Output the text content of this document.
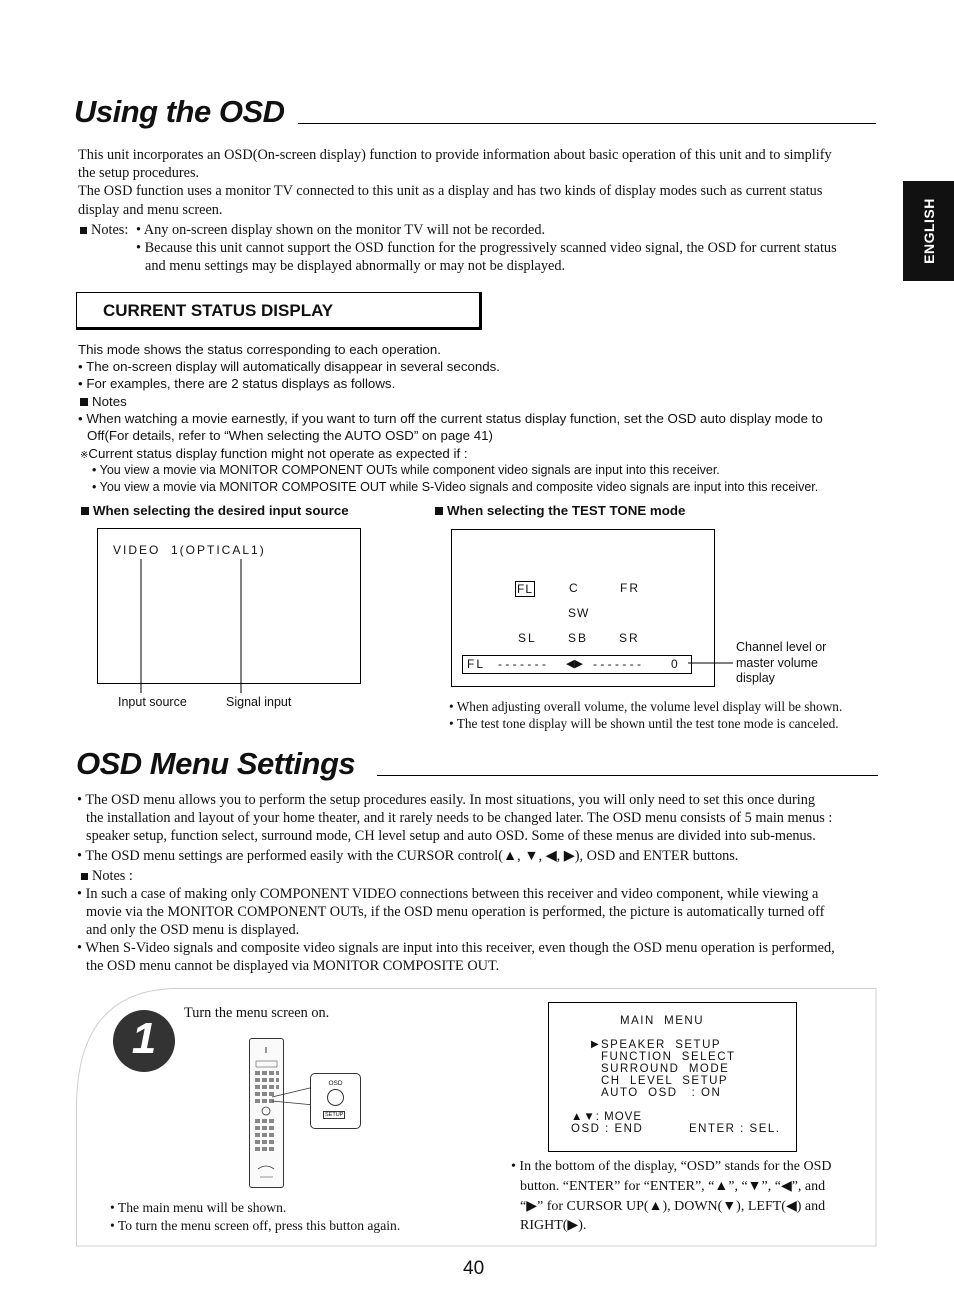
ENGLISH
Using the OSD
This unit incorporates an OSD(On-screen display) function to provide information about basic operation of this unit and to simplify
the setup procedures.
The OSD function uses a monitor TV connected to this unit as a display and has two kinds of display modes such as current status
display and menu screen.
Notes: • Any on-screen display shown on the monitor TV will not be recorded.
• Because this unit cannot support the OSD function for the progressively scanned video signal, the OSD for current status
and menu settings may be displayed abnormally or may not be displayed.
CURRENT STATUS DISPLAY
This mode shows the status corresponding to each operation.
• The on-screen display will automatically disappear in several seconds.
• For examples, there are 2 status displays as follows.
Notes
• When watching a movie earnestly, if you want to turn off the current status display function, set the OSD auto display mode to
Off(For details, refer to “When selecting the AUTO OSD” on page 41)
※Current status display function might not operate as expected if :
• You view a movie via MONITOR COMPONENT OUTs while component video signals are input into this receiver.
• You view a movie via MONITOR COMPOSITE OUT while S-Video signals and composite video signals are input into this receiver.
When selecting the desired input source	When selecting the TEST TONE mode
VIDEO  1(OPTICAL1)
Input source	Signal input
FL	C	FR
SW
SL	SB	SR
FL - - - - - - - ◀▶ - - - - - - -	0
Channel level or
master volume
display
• When adjusting overall volume, the volume level display will be shown.
• The test tone display will be shown until the test tone mode is canceled.
OSD Menu Settings
• The OSD menu allows you to perform the setup procedures easily. In most situations, you will only need to set this once during
the installation and layout of your home theater, and it rarely needs to be changed later. The OSD menu consists of 5 main menus :
speaker setup, function select, surround mode, CH level setup and auto OSD. Some of these menus are divided into sub-menus.
• The OSD menu settings are performed easily with the CURSOR control(▲, ▼, ◀, ▶), OSD and ENTER buttons.
Notes :
• In such a case of making only COMPONENT VIDEO connections between this receiver and video component, while viewing a
movie via the MONITOR COMPONENT OUTs, if the OSD menu operation is performed, the picture is automatically turned off
and only the OSD menu is displayed.
• When S-Video signals and composite video signals are input into this receiver, even though the OSD menu operation is performed,
the OSD menu cannot be displayed via MONITOR COMPOSITE OUT.
1
Turn the menu screen on.
OSD
SETUP
• The main menu will be shown.
• To turn the menu screen off, press this button again.
MAIN  MENU
▶ SPEAKER  SETUP
FUNCTION  SELECT
SURROUND  MODE
CH  LEVEL  SETUP
AUTO  OSD   : ON
▲▼: MOVE
OSD : END	ENTER : SEL.
• In the bottom of the display, “OSD” stands for the OSD
button. “ENTER” for “ENTER”, “▲”, “▼”, “◀”, and
“▶” for CURSOR UP(▲), DOWN(▼), LEFT(◀) and
RIGHT(▶).
40
